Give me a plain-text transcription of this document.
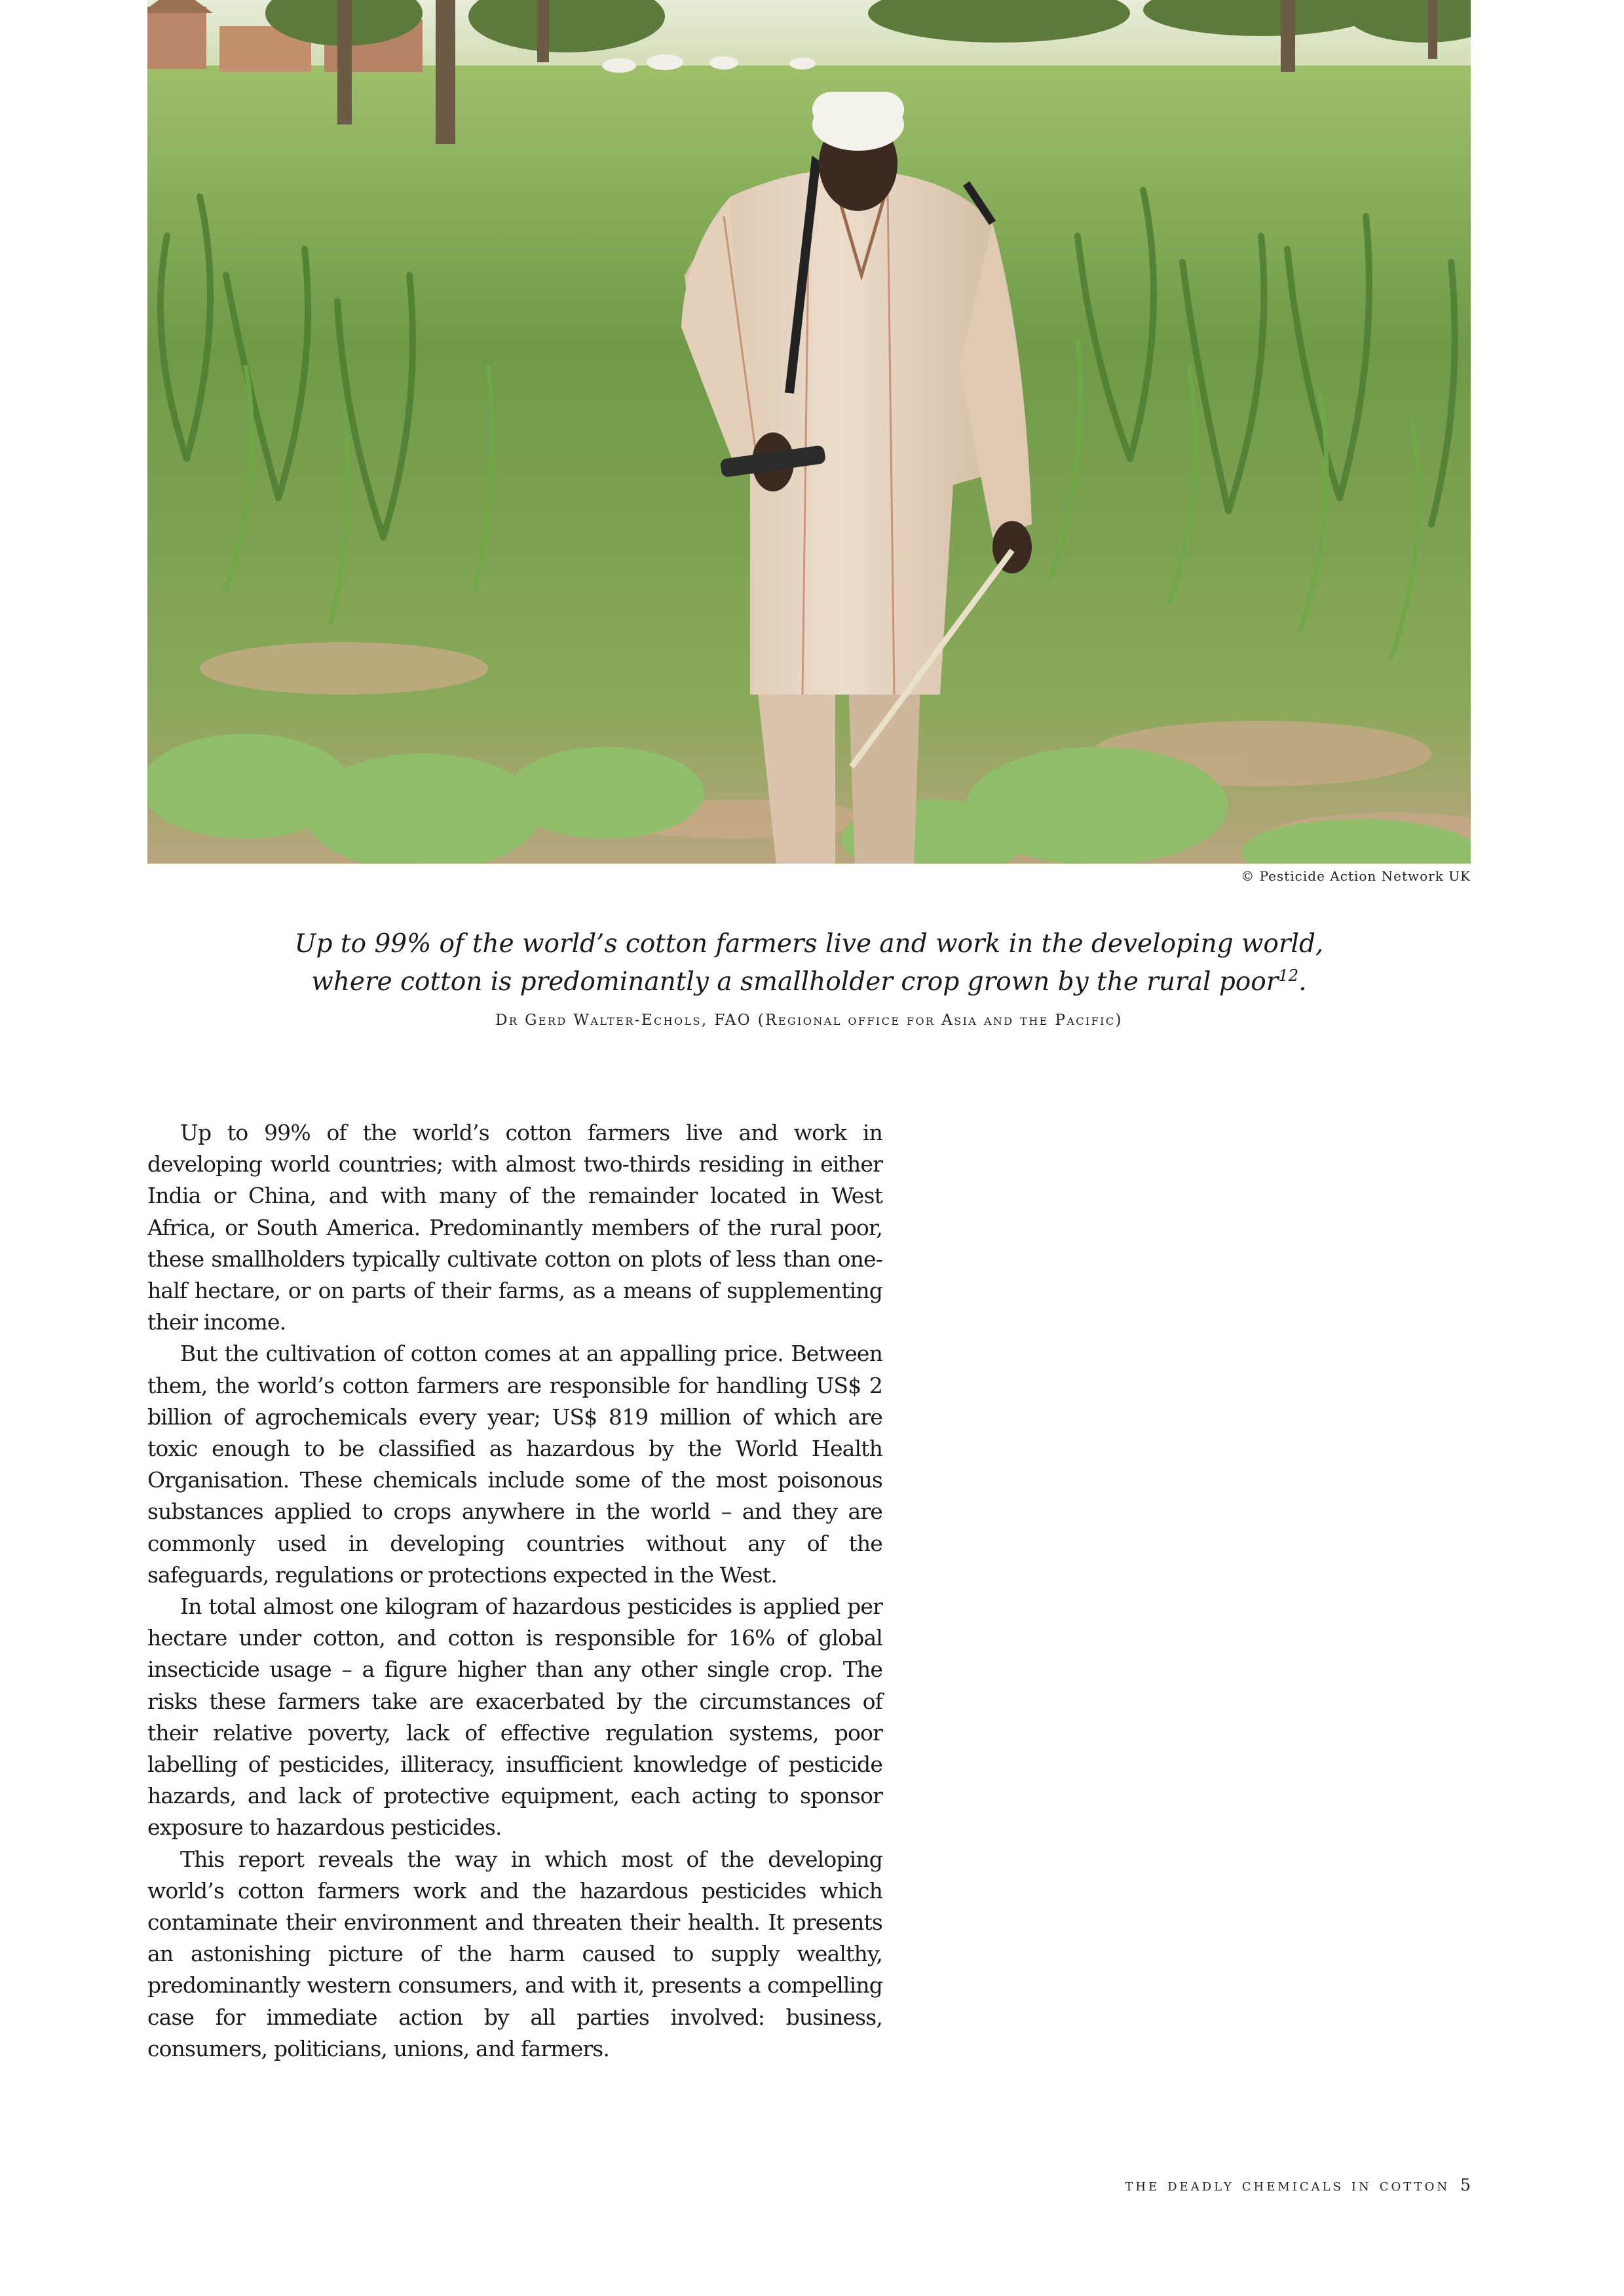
© Pesticide Action Network UK

Up to 99% of the world’s cotton farmers live and work in the developing world,
where cotton is predominantly a smallholder crop grown by the rural poor$^{12}$.

Dr Gerd Walter-Echols, FAO (Regional office for Asia and the Pacific)

Up to 99% of the world’s cotton farmers live and work in developing world countries; with almost two-thirds residing in either India or China, and with many of the remainder located in West Africa, or South America. Predominantly members of the rural poor, these smallholders typically cultivate cotton on plots of less than one-half hectare, or on parts of their farms, as a means of supplementing their income.

But the cultivation of cotton comes at an appalling price. Between them, the world’s cotton farmers are responsible for handling US$ 2 billion of agrochemicals every year; US$ 819 million of which are toxic enough to be classified as hazardous by the World Health Organisation. These chemicals include some of the most poisonous substances applied to crops anywhere in the world – and they are commonly used in developing countries without any of the safeguards, regulations or protections expected in the West.

In total almost one kilogram of hazardous pesticides is applied per hectare under cotton, and cotton is responsible for 16% of global insecticide usage – a figure higher than any other single crop. The risks these farmers take are exacerbated by the circumstances of their relative poverty, lack of effective regulation systems, poor labelling of pesticides, illiteracy, insufficient knowledge of pesticide hazards, and lack of protective equipment, each acting to sponsor exposure to hazardous pesticides.

This report reveals the way in which most of the developing world’s cotton farmers work and the hazardous pesticides which contaminate their environment and threaten their health. It presents an astonishing picture of the harm caused to supply wealthy, predominantly western consumers, and with it, presents a compelling case for immediate action by all parties involved: business, consumers, politicians, unions, and farmers.

the deadly chemicals in cotton 5
